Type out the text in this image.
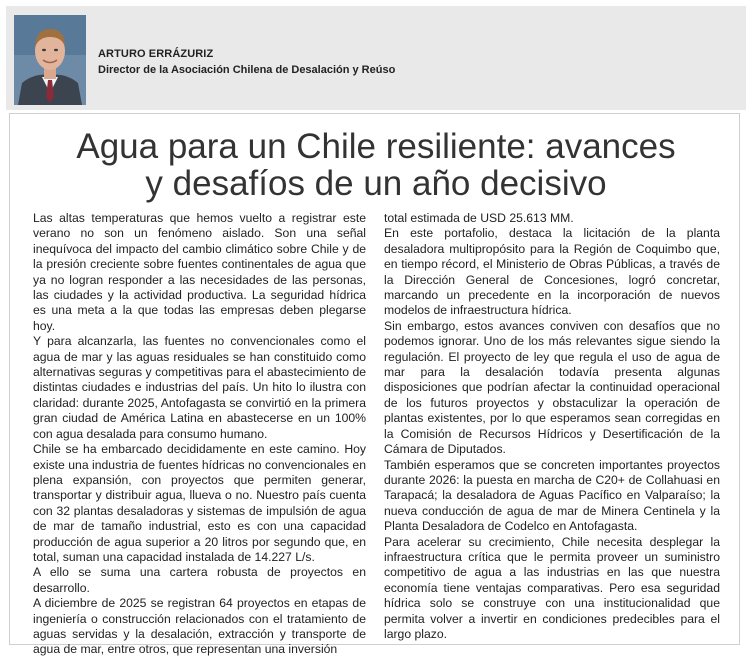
ARTURO ERRÁZURIZ
Director de la Asociación Chilena de Desalación y Reúso
Agua para un Chile resiliente: avances
y desafíos de un año decisivo

Las altas temperaturas que hemos vuelto a registrar este verano no son un fenómeno aislado. Son una señal inequívoca del impacto del cambio climático sobre Chile y de la presión creciente sobre fuentes continentales de agua que ya no logran responder a las necesidades de las personas, las ciudades y la actividad productiva. La seguridad hídrica es una meta a la que todas las empresas deben plegarse hoy.

Y para alcanzarla, las fuentes no convencionales como el agua de mar y las aguas residuales se han constituido como alternativas seguras y competitivas para el abastecimiento de distintas ciudades e industrias del país. Un hito lo ilustra con claridad: durante 2025, Antofagasta se convirtió en la primera gran ciudad de América Latina en abastecerse en un 100% con agua desalada para consumo humano.

Chile se ha embarcado decididamente en este camino. Hoy existe una industria de fuentes hídricas no convencionales en plena expansión, con proyectos que permiten generar, transportar y distribuir agua, llueva o no. Nuestro país cuenta con 32 plantas desaladoras y sistemas de impulsión de agua de mar de tamaño industrial, esto es con una capacidad producción de agua superior a 20 litros por segundo que, en total, suman una capacidad instalada de 14.227 L/s.

A ello se suma una cartera robusta de proyectos en desarrollo.

A diciembre de 2025 se registran 64 proyectos en etapas de ingeniería o construcción relacionados con el tratamiento de aguas servidas y la desalación, extracción y transporte de agua de mar, entre otros, que representan una inversión

total estimada de USD 25.613 MM.

En este portafolio, destaca la licitación de la planta desaladora multipropósito para la Región de Coquimbo que, en tiempo récord, el Ministerio de Obras Públicas, a través de la Dirección General de Concesiones, logró concretar, marcando un precedente en la incorporación de nuevos modelos de infraestructura hídrica.

Sin embargo, estos avances conviven con desafíos que no podemos ignorar. Uno de los más relevantes sigue siendo la regulación. El proyecto de ley que regula el uso de agua de mar para la desalación todavía presenta algunas disposiciones que podrían afectar la continuidad operacional de los futuros proyectos y obstaculizar la operación de plantas existentes, por lo que esperamos sean corregidas en la Comisión de Recursos Hídricos y Desertificación de la Cámara de Diputados.

También esperamos que se concreten importantes proyectos durante 2026: la puesta en marcha de C20+ de Collahuasi en Tarapacá; la desaladora de Aguas Pacífico en Valparaíso; la nueva conducción de agua de mar de Minera Centinela y la Planta Desaladora de Codelco en Antofagasta.

Para acelerar su crecimiento, Chile necesita desplegar la infraestructura crítica que le permita proveer un suministro competitivo de agua a las industrias en las que nuestra economía tiene ventajas comparativas. Pero esa seguridad hídrica solo se construye con una institucionalidad que permita volver a invertir en condiciones predecibles para el largo plazo.
